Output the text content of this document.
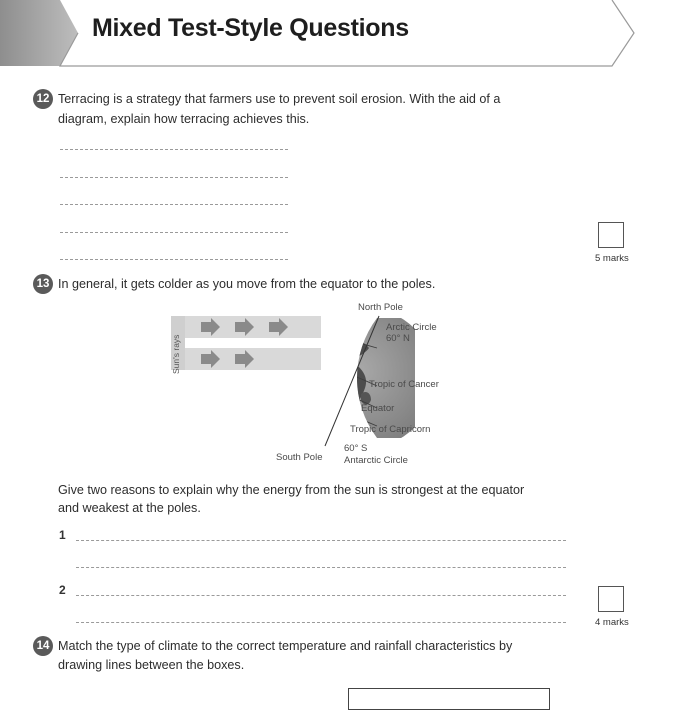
Mixed Test-Style Questions
12 Terracing is a strategy that farmers use to prevent soil erosion. With the aid of a
diagram, explain how terracing achieves this.
5 marks
13 In general, it gets colder as you move from the equator to the poles.
Sun's rays
North Pole
Arctic Circle
60° N
Tropic of Cancer
Equator
Tropic of Capricorn
60° S
Antarctic Circle
South Pole
Give two reasons to explain why the energy from the sun is strongest at the equator
and weakest at the poles.
1
2
4 marks
14 Match the type of climate to the correct temperature and rainfall characteristics by
drawing lines between the boxes.
